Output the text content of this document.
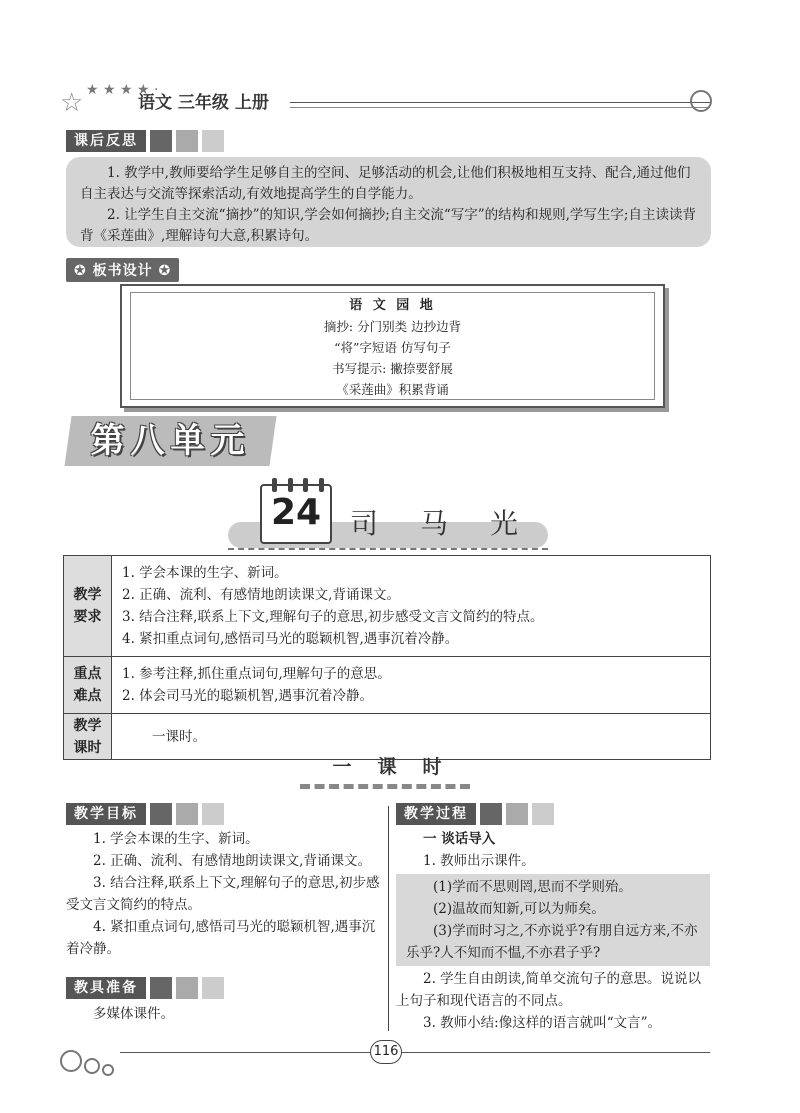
☆ ★ ★ ★ ★ ·
语文 三年级 上册
课后反思

1. 教学中,教师要给学生足够自主的空间、足够活动的机会,让他们积极地相互支持、配合,通过他们自主表达与交流等探索活动,有效地提高学生的自学能力。

2. 让学生自主交流“摘抄”的知识,学会如何摘抄;自主交流“写字”的结构和规则,学写生字;自主读读背背《采莲曲》,理解诗句大意,积累诗句。

✪ 板书设计 ✪
语 文 园 地
摘抄: 分门别类 边抄边背
“将”字短语 仿写句子
书写提示: 撇捺要舒展
《采莲曲》积累背诵
第八单元
24	司马光
教学要求	1. 学会本课的生字、新词。
2. 正确、流利、有感情地朗读课文,背诵课文。
3. 结合注释,联系上下文,理解句子的意思,初步感受文言文简约的特点。
4. 紧扣重点词句,感悟司马光的聪颖机智,遇事沉着冷静。

重点难点	1. 参考注释,抓住重点词句,理解句子的意思。
2. 体会司马光的聪颖机智,遇事沉着冷静。

教学课时	一课时。
一课时
教学目标

1. 学会本课的生字、新词。

2. 正确、流利、有感情地朗读课文,背诵课文。

3. 结合注释,联系上下文,理解句子的意思,初步感受文言文简约的特点。

4. 紧扣重点词句,感悟司马光的聪颖机智,遇事沉着冷静。

教具准备

多媒体课件。

教学过程

一 谈话导入

1. 教师出示课件。

(1)学而不思则罔,思而不学则殆。

(2)温故而知新,可以为师矣。

(3)学而时习之,不亦说乎?有朋自远方来,不亦乐乎?人不知而不愠,不亦君子乎?

2. 学生自由朗读,简单交流句子的意思。说说以上句子和现代语言的不同点。

3. 教师小结:像这样的语言就叫“文言”。

116
